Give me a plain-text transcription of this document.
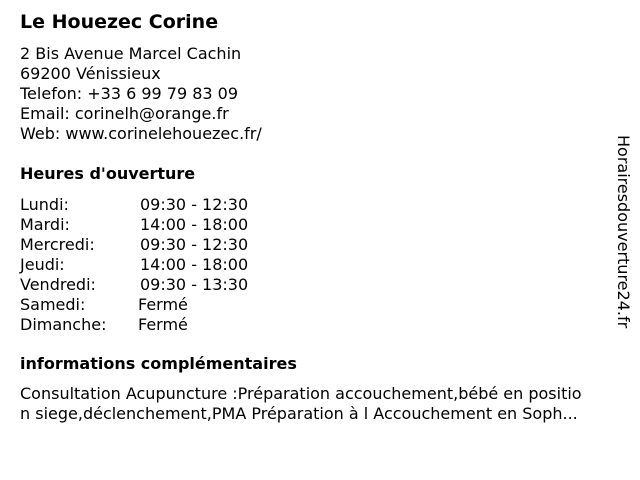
Le Houezec Corine
2 Bis Avenue Marcel Cachin
69200 Vénissieux
Telefon: +33 6 99 79 83 09
Email: corinelh@orange.fr
Web: www.corinelehouezec.fr/
Heures d'ouverture
Lundi:	09:30 - 12:30
Mardi:	14:00 - 18:00
Mercredi:	09:30 - 12:30
Jeudi:	14:00 - 18:00
Vendredi:	09:30 - 13:30
Samedi:	Fermé
Dimanche: Fermé
informations complémentaires
Consultation Acupuncture :Préparation accouchement,bébé en positio
n siege,déclenchement,PMA Préparation à l Accouchement en Soph...
Horairesdouverture24.fr
